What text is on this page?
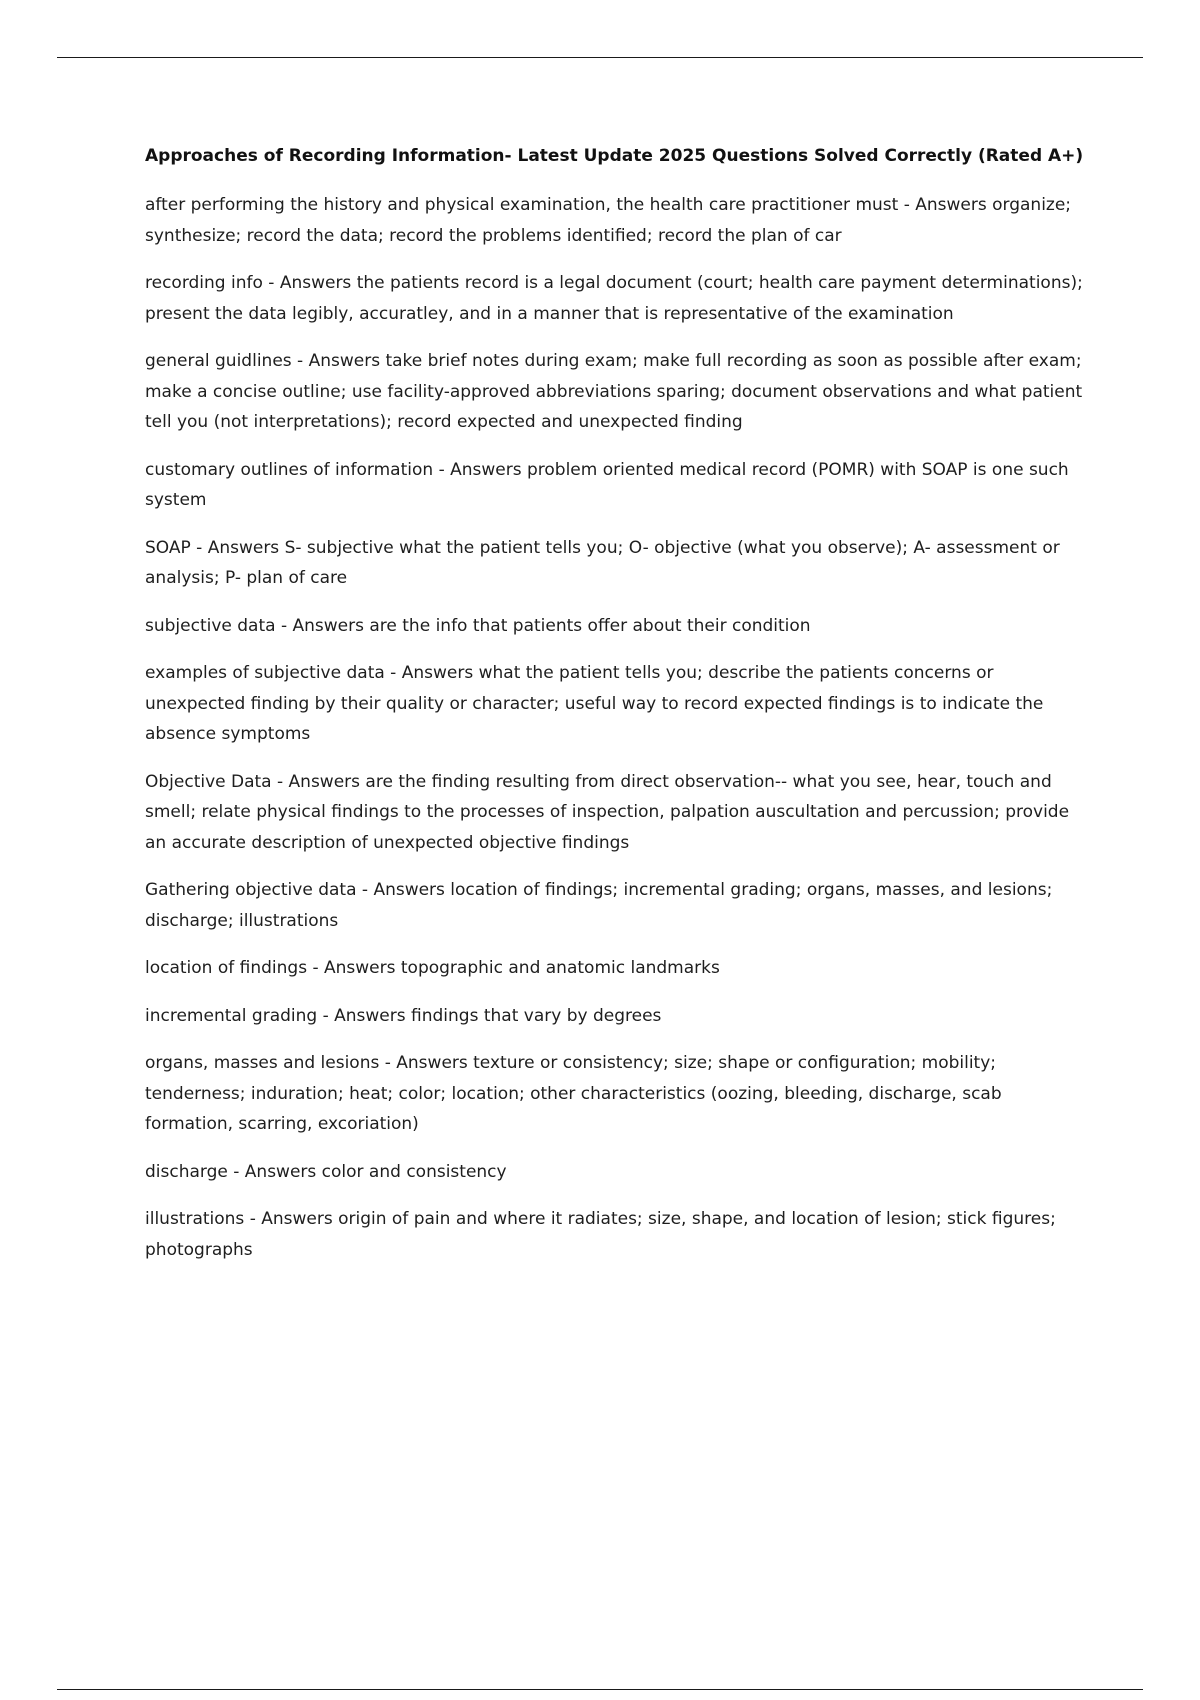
Approaches of Recording Information- Latest Update 2025 Questions Solved Correctly (Rated A+)
after performing the history and physical examination, the health care practitioner must - Answers organize; synthesize; record the data; record the problems identified; record the plan of car
recording info - Answers the patients record is a legal document (court; health care payment determinations); present the data legibly, accuratley, and in a manner that is representative of the examination
general guidlines - Answers take brief notes during exam; make full recording as soon as possible after exam; make a concise outline; use facility-approved abbreviations sparing; document observations and what patient tell you (not interpretations); record expected and unexpected finding
customary outlines of information - Answers problem oriented medical record (POMR) with SOAP is one such system
SOAP - Answers S- subjective what the patient tells you; O- objective (what you observe); A- assessment or analysis; P- plan of care
subjective data - Answers are the info that patients offer about their condition
examples of subjective data - Answers what the patient tells you; describe the patients concerns or unexpected finding by their quality or character; useful way to record expected findings is to indicate the absence symptoms
Objective Data - Answers are the finding resulting from direct observation-- what you see, hear, touch and smell; relate physical findings to the processes of inspection, palpation auscultation and percussion; provide an accurate description of unexpected objective findings
Gathering objective data - Answers location of findings; incremental grading; organs, masses, and lesions; discharge; illustrations
location of findings - Answers topographic and anatomic landmarks
incremental grading - Answers findings that vary by degrees
organs, masses and lesions - Answers texture or consistency; size; shape or configuration; mobility; tenderness; induration; heat; color; location; other characteristics (oozing, bleeding, discharge, scab formation, scarring, excoriation)
discharge - Answers color and consistency
illustrations - Answers origin of pain and where it radiates; size, shape, and location of lesion; stick figures; photographs
